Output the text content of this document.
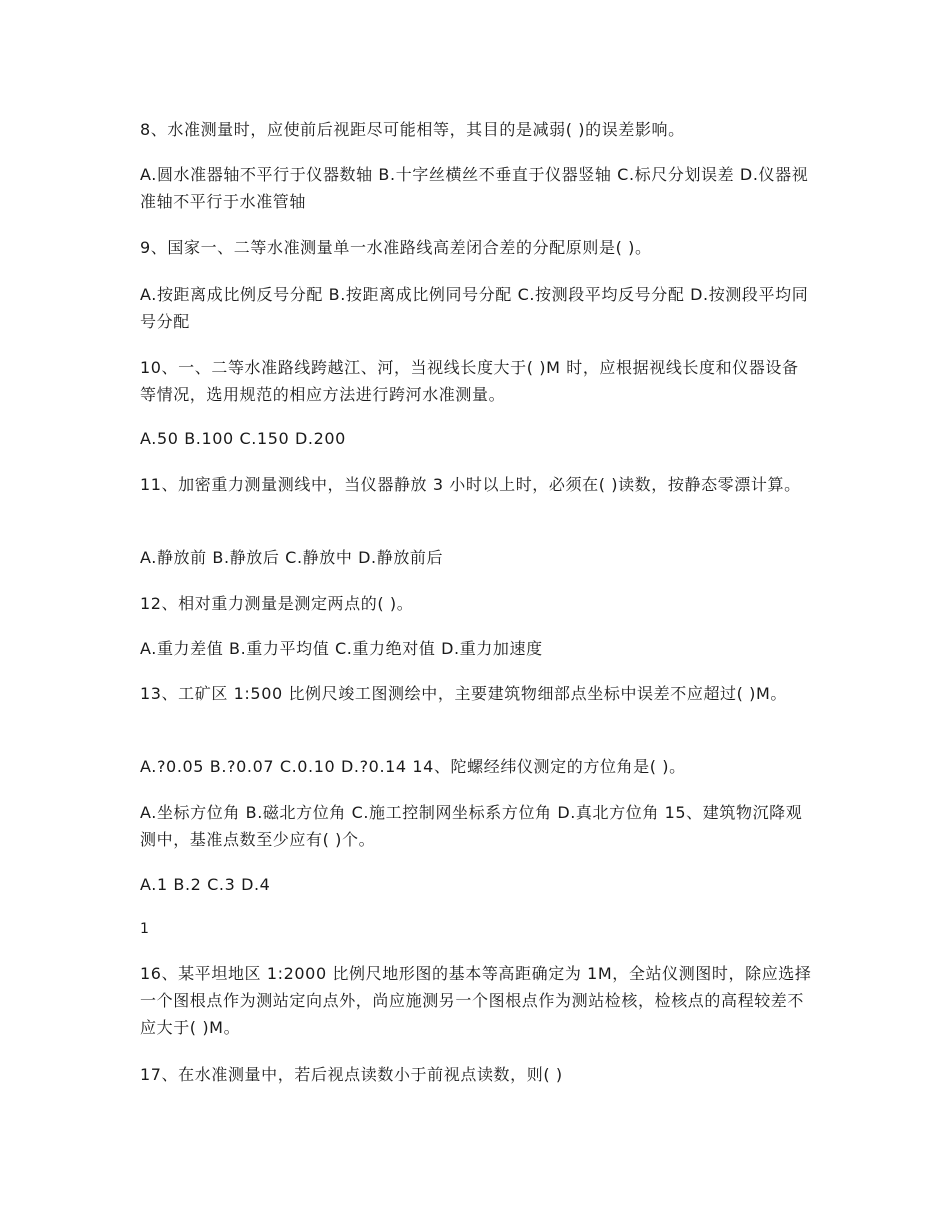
8、水准测量时，应使前后视距尽可能相等，其目的是减弱( )的误差影响。

A.圆水准器轴不平行于仪器数轴 B.十字丝横丝不垂直于仪器竖轴 C.标尺分划误差 D.仪器视准轴不平行于水准管轴

9、国家一、二等水准测量单一水准路线高差闭合差的分配原则是( )。

A.按距离成比例反号分配 B.按距离成比例同号分配 C.按测段平均反号分配 D.按测段平均同号分配

10、一、二等水准路线跨越江、河，当视线长度大于( )M 时，应根据视线长度和仪器设备等情况，选用规范的相应方法进行跨河水准测量。

A.50 B.100 C.150 D.200

11、加密重力测量测线中，当仪器静放 3 小时以上时，必须在( )读数，按静态零漂计算。

A.静放前 B.静放后 C.静放中 D.静放前后

12、相对重力测量是测定两点的( )。

A.重力差值 B.重力平均值 C.重力绝对值 D.重力加速度

13、工矿区 1:500 比例尺竣工图测绘中，主要建筑物细部点坐标中误差不应超过( )M。

A.?0.05 B.?0.07 C.0.10 D.?0.14 14、陀螺经纬仪测定的方位角是( )。

A.坐标方位角 B.磁北方位角 C.施工控制网坐标系方位角 D.真北方位角 15、建筑物沉降观测中，基准点数至少应有( )个。

A.1 B.2 C.3 D.4

1

16、某平坦地区 1:2000 比例尺地形图的基本等高距确定为 1M，全站仪测图时，除应选择一个图根点作为测站定向点外，尚应施测另一个图根点作为测站检核，检核点的高程较差不应大于( )M。

17、在水准测量中，若后视点读数小于前视点读数，则( )
